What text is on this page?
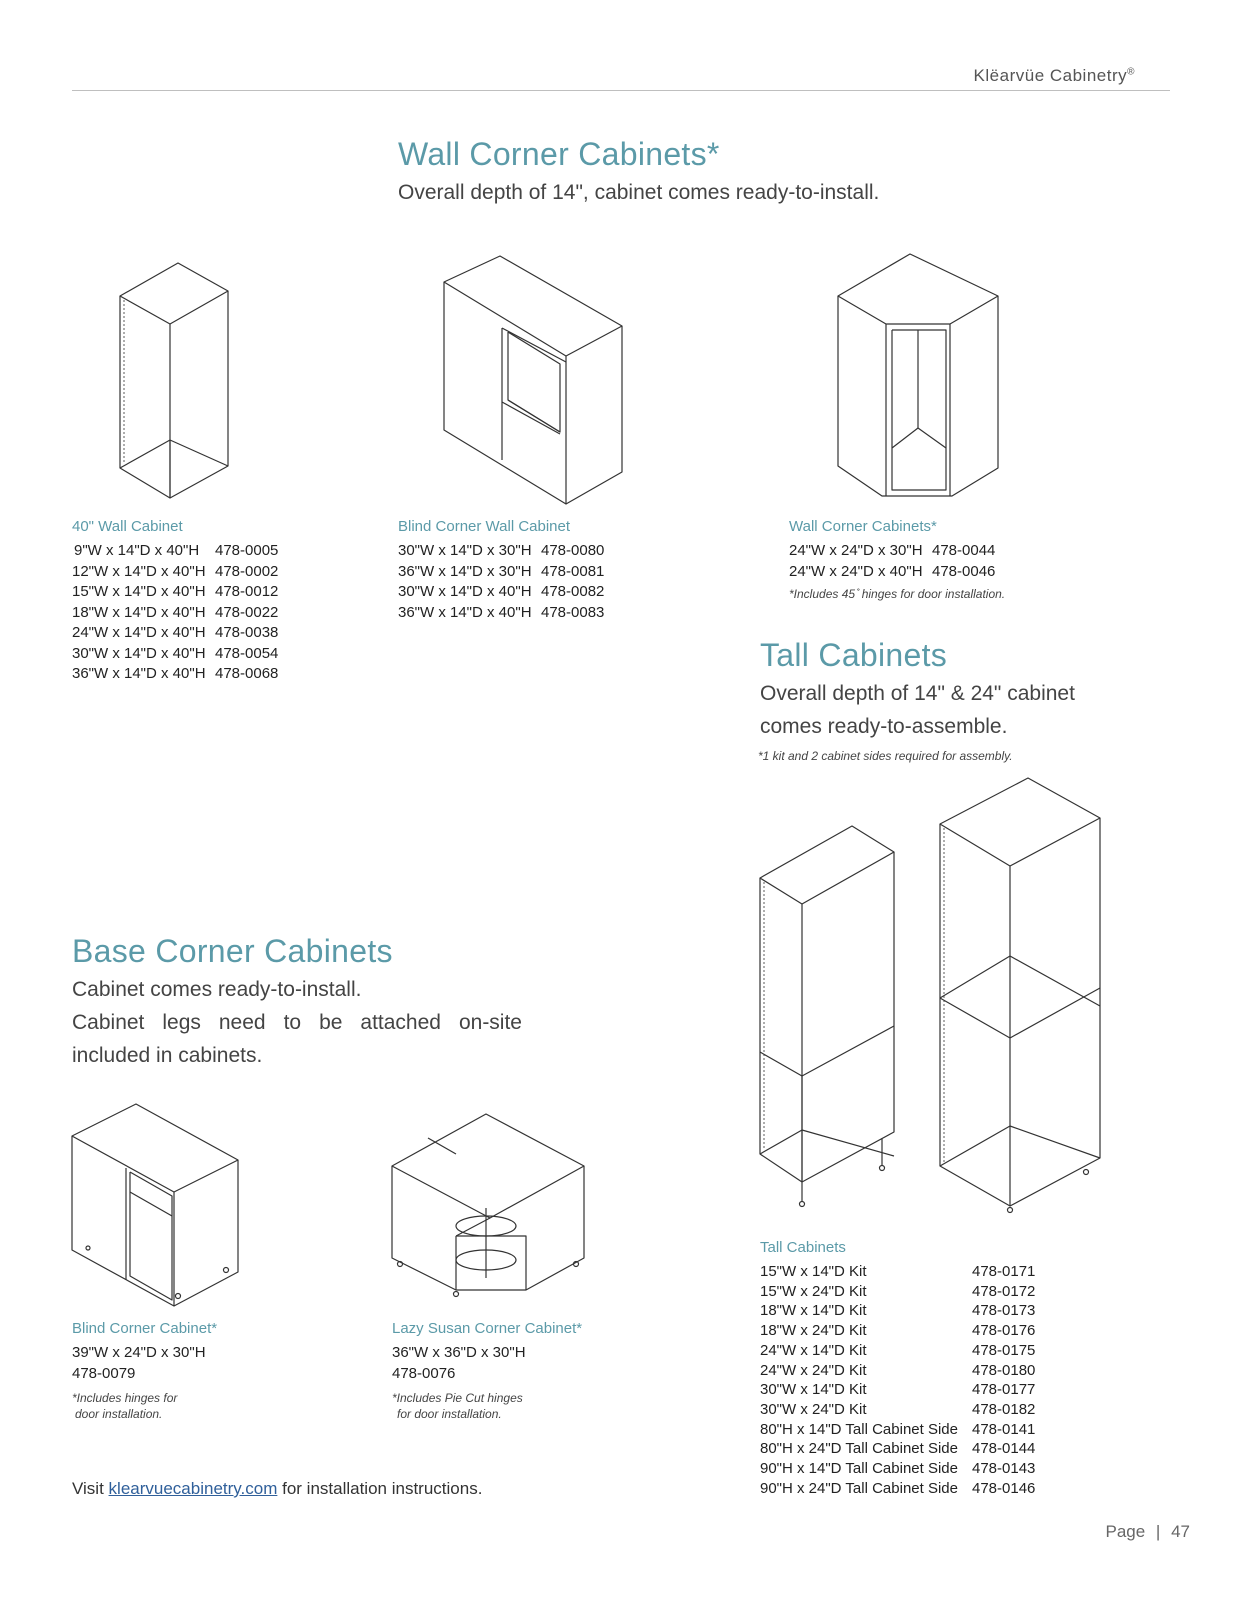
Klëarvüe Cabinetry®
Wall Corner Cabinets*
Overall depth of 14", cabinet comes ready-to-install.
40" Wall Cabinet
9"W x 14"D x 40"H	478-0005
12"W x 14"D x 40"H 478-0002
15"W x 14"D x 40"H 478-0012
18"W x 14"D x 40"H 478-0022
24"W x 14"D x 40"H 478-0038
30"W x 14"D x 40"H 478-0054
36"W x 14"D x 40"H 478-0068
Blind Corner Wall Cabinet
30"W x 14"D x 30"H 478-0080
36"W x 14"D x 30"H 478-0081
30"W x 14"D x 40"H 478-0082
36"W x 14"D x 40"H 478-0083
Wall Corner Cabinets*
24"W x 24"D x 30"H 478-0044
24"W x 24"D x 40"H 478-0046
*Includes 45 ̊ hinges for door installation.
Tall Cabinets
Overall depth of 14" & 24" cabinet
comes ready-to-assemble.
*1 kit and 2 cabinet sides required for assembly.
Tall Cabinets
15"W x 14"D Kit	478-0171
15"W x 24"D Kit	478-0172
18"W x 14"D Kit	478-0173
18"W x 24"D Kit	478-0176
24"W x 14"D Kit	478-0175
24"W x 24"D Kit	478-0180
30"W x 14"D Kit	478-0177
30"W x 24"D Kit	478-0182
80"H x 14"D Tall Cabinet Side 478-0141
80"H x 24"D Tall Cabinet Side 478-0144
90"H x 14"D Tall Cabinet Side 478-0143
90"H x 24"D Tall Cabinet Side 478-0146
Base Corner Cabinets
Cabinet comes ready-to-install.
Cabinet legs need to be attached on-site
included in cabinets.
Blind Corner Cabinet*
39"W x 24"D x 30"H
478-0079
*Includes hinges for
door installation.
Lazy Susan Corner Cabinet*
36"W x 36"D x 30"H
478-0076
*Includes Pie Cut hinges
for door installation.
Visit klearvuecabinetry.com for installation instructions.
Page | 47
